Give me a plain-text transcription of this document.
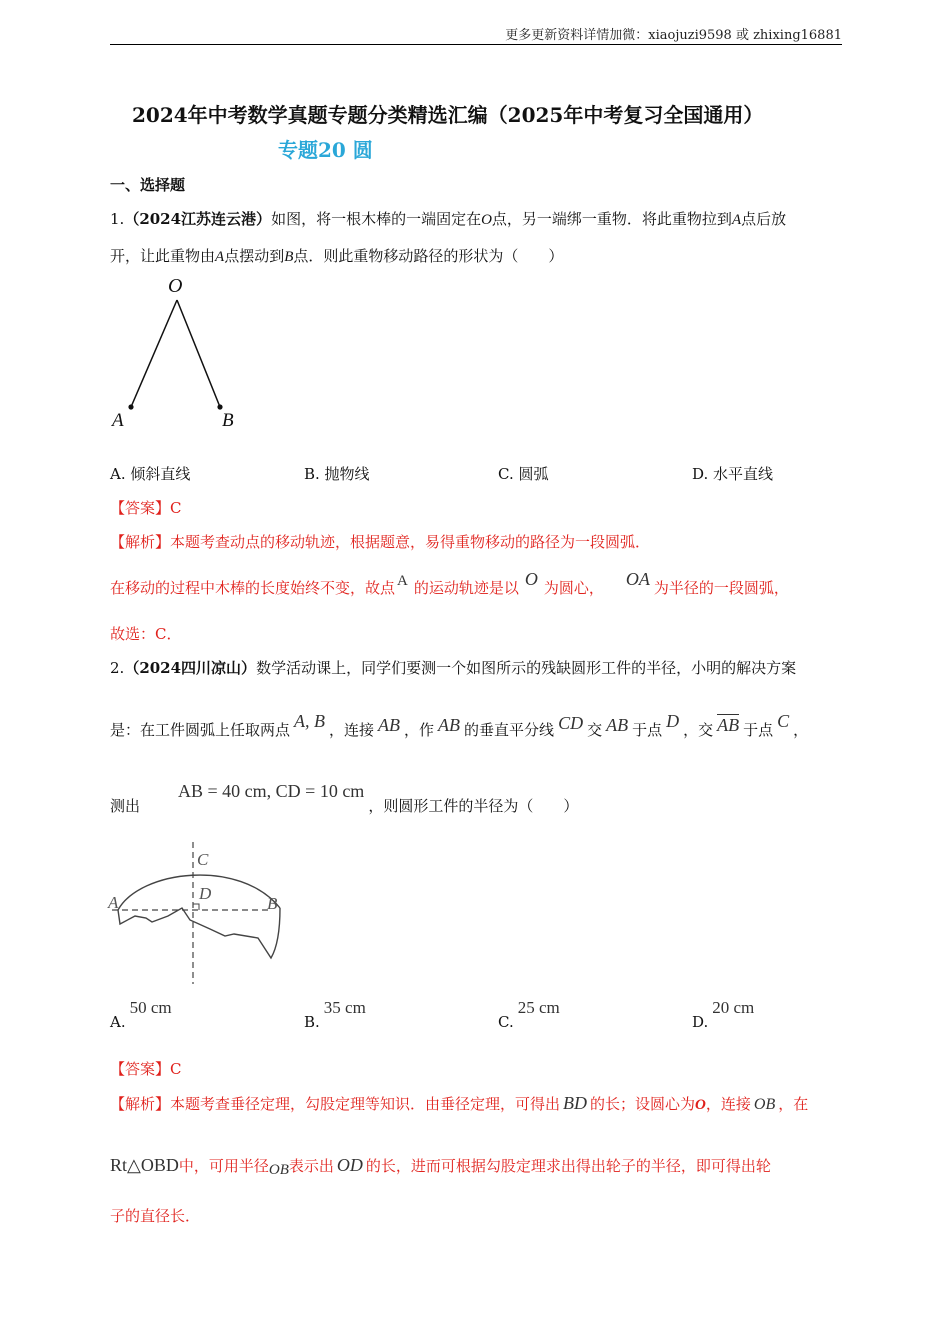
更多更新资料详情加微：xiaojuzi9598 或 zhixing16881
2024年中考数学真题专题分类精选汇编（2025年中考复习全国通用）
专题20 圆
一、选择题
1.（2024江苏连云港）如图，将一根木棒的一端固定在O点，另一端绑一重物．将此重物拉到A点后放
开，让此重物由A点摆动到B点．则此重物移动路径的形状为（　　）
O
A	B
A. 倾斜直线	B. 抛物线	C. 圆弧	D. 水平直线
【答案】C
【解析】本题考查动点的移动轨迹，根据题意，易得重物移动的路径为一段圆弧．
在移动的过程中木棒的长度始终不变，故点 A 的运动轨迹是以 O 为圆心， OA 为半径的一段圆弧，
故选：C．
2.（2024四川凉山）数学活动课上，同学们要测一个如图所示的残缺圆形工件的半径，小明的解决方案
是：在工件圆弧上任取两点 A, B ，连接 AB ，作 AB 的垂直平分线 CD 交 AB 于点 D ，交 AB 于点 C ，
测出AB = 40 cm, CD = 10 cm，则圆形工件的半径为（　　）
C
D
A	B
A.50 cm
B.35 cm
C.25 cm
D.20 cm
【答案】C
【解析】本题考查垂径定理，勾股定理等知识．由垂径定理，可得出 BD 的长；设圆心为O，连接 OB ，在
Rt△OBD中，可用半径OB表示出 OD 的长，进而可根据勾股定理求出得出轮子的半径，即可得出轮
子的直径长．
